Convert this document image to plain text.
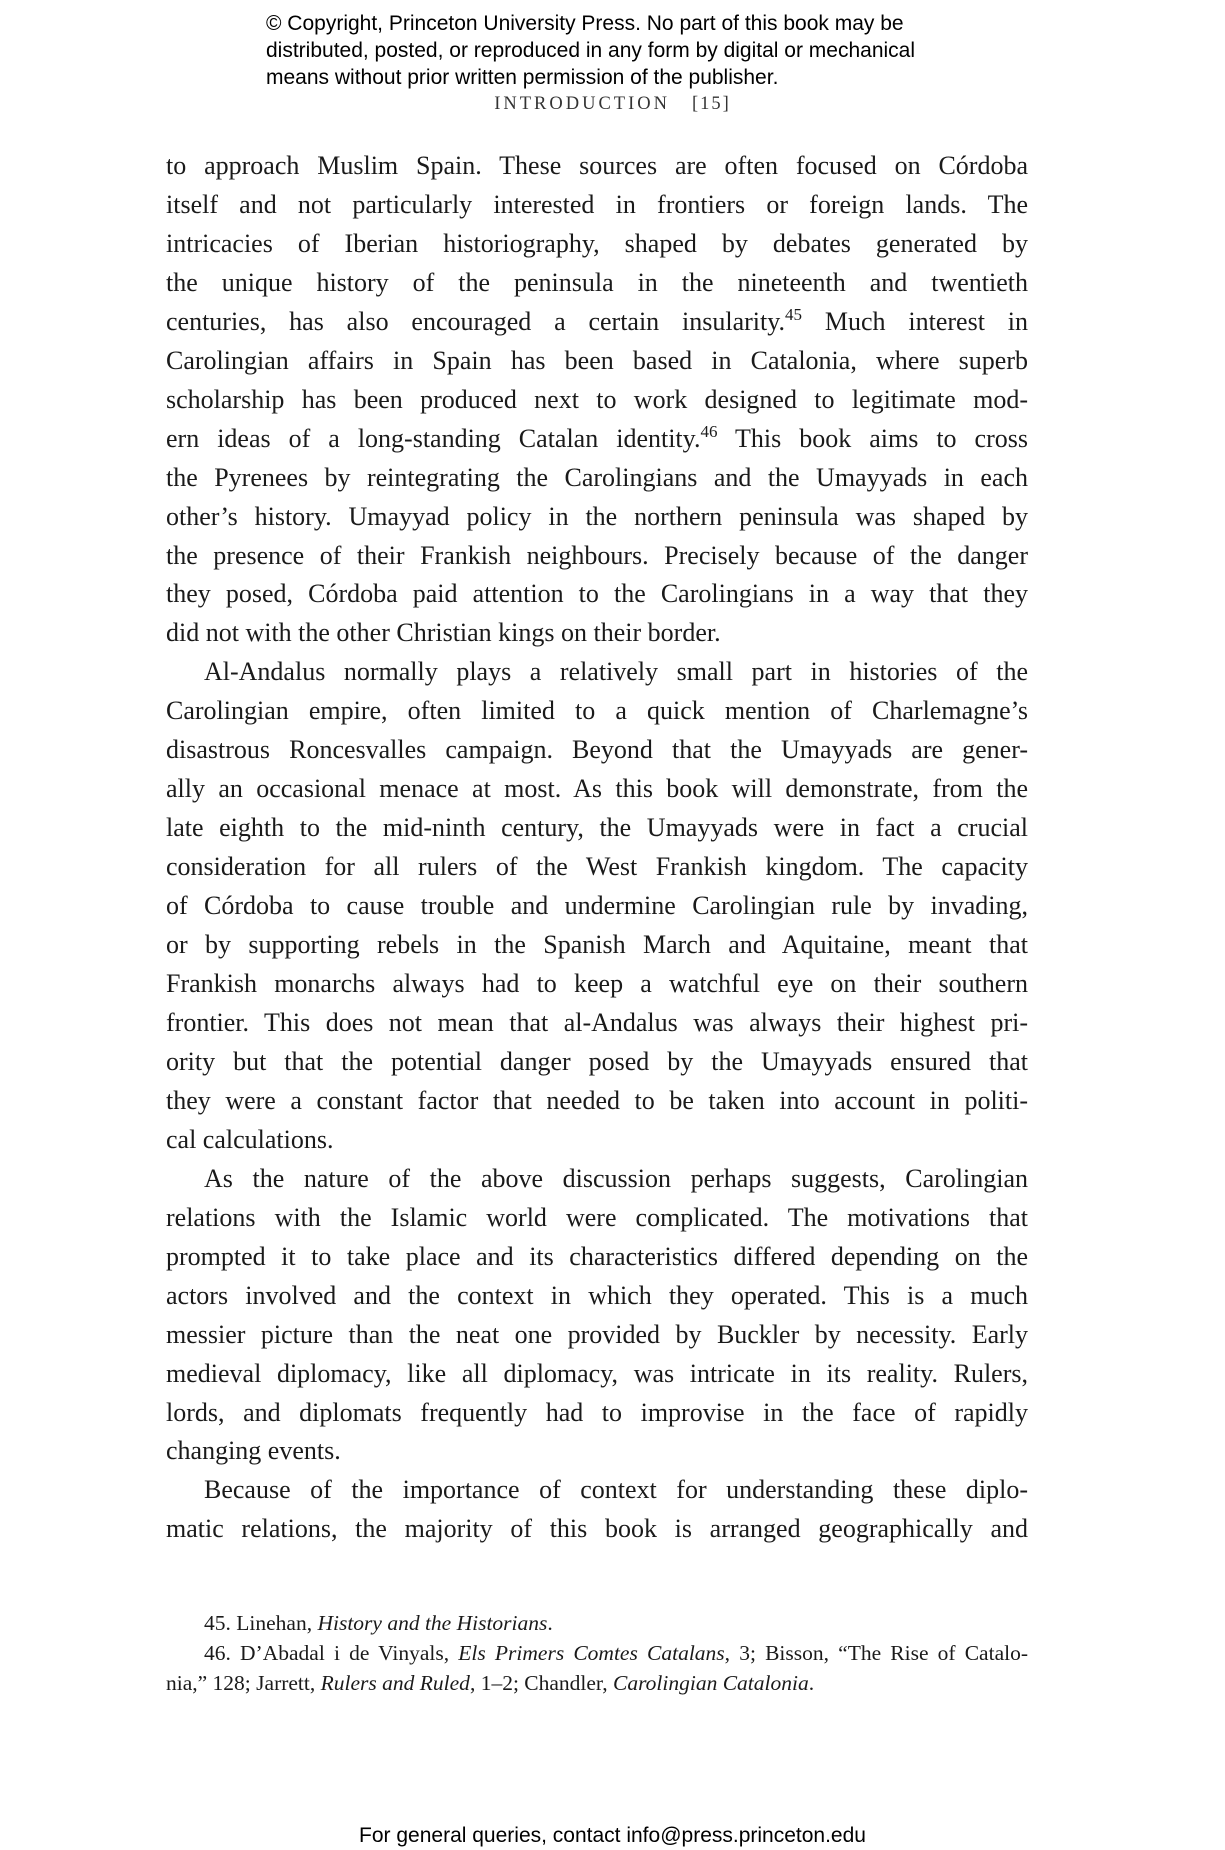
© Copyright, Princeton University Press. No part of this book may be
distributed, posted, or reproduced in any form by digital or mechanical
means without prior written permission of the publisher.
INTRODUCTION [15]
to approach Muslim Spain. These sources are often focused on Córdoba
itself and not particularly interested in frontiers or foreign lands. The
intricacies of Iberian historiography, shaped by debates generated by
the unique history of the peninsula in the nineteenth and twentieth
centuries, has also encouraged a certain insularity.$^{45}$ Much interest in
Carolingian affairs in Spain has been based in Catalonia, where superb
scholarship has been produced next to work designed to legitimate mod-
ern ideas of a long-standing Catalan identity.$^{46}$ This book aims to cross
the Pyrenees by reintegrating the Carolingians and the Umayyads in each
other’s history. Umayyad policy in the northern peninsula was shaped by
the presence of their Frankish neighbours. Precisely because of the danger
they posed, Córdoba paid attention to the Carolingians in a way that they
did not with the other Christian kings on their border.
Al-Andalus normally plays a relatively small part in histories of the
Carolingian empire, often limited to a quick mention of Charlemagne’s
disastrous Roncesvalles campaign. Beyond that the Umayyads are gener-
ally an occasional menace at most. As this book will demonstrate, from the
late eighth to the mid-ninth century, the Umayyads were in fact a crucial
consideration for all rulers of the West Frankish kingdom. The capacity
of Córdoba to cause trouble and undermine Carolingian rule by invading,
or by supporting rebels in the Spanish March and Aquitaine, meant that
Frankish monarchs always had to keep a watchful eye on their southern
frontier. This does not mean that al-Andalus was always their highest pri-
ority but that the potential danger posed by the Umayyads ensured that
they were a constant factor that needed to be taken into account in politi-
cal calculations.
As the nature of the above discussion perhaps suggests, Carolingian
relations with the Islamic world were complicated. The motivations that
prompted it to take place and its characteristics differed depending on the
actors involved and the context in which they operated. This is a much
messier picture than the neat one provided by Buckler by necessity. Early
medieval diplomacy, like all diplomacy, was intricate in its reality. Rulers,
lords, and diplomats frequently had to improvise in the face of rapidly
changing events.
Because of the importance of context for understanding these diplo-
matic relations, the majority of this book is arranged geographically and
45. Linehan, History and the Historians.
46. D’Abadal i de Vinyals, Els Primers Comtes Catalans, 3; Bisson, “The Rise of Catalo-
nia,” 128; Jarrett, Rulers and Ruled, 1–2; Chandler, Carolingian Catalonia.
For general queries, contact info@press.princeton.edu
